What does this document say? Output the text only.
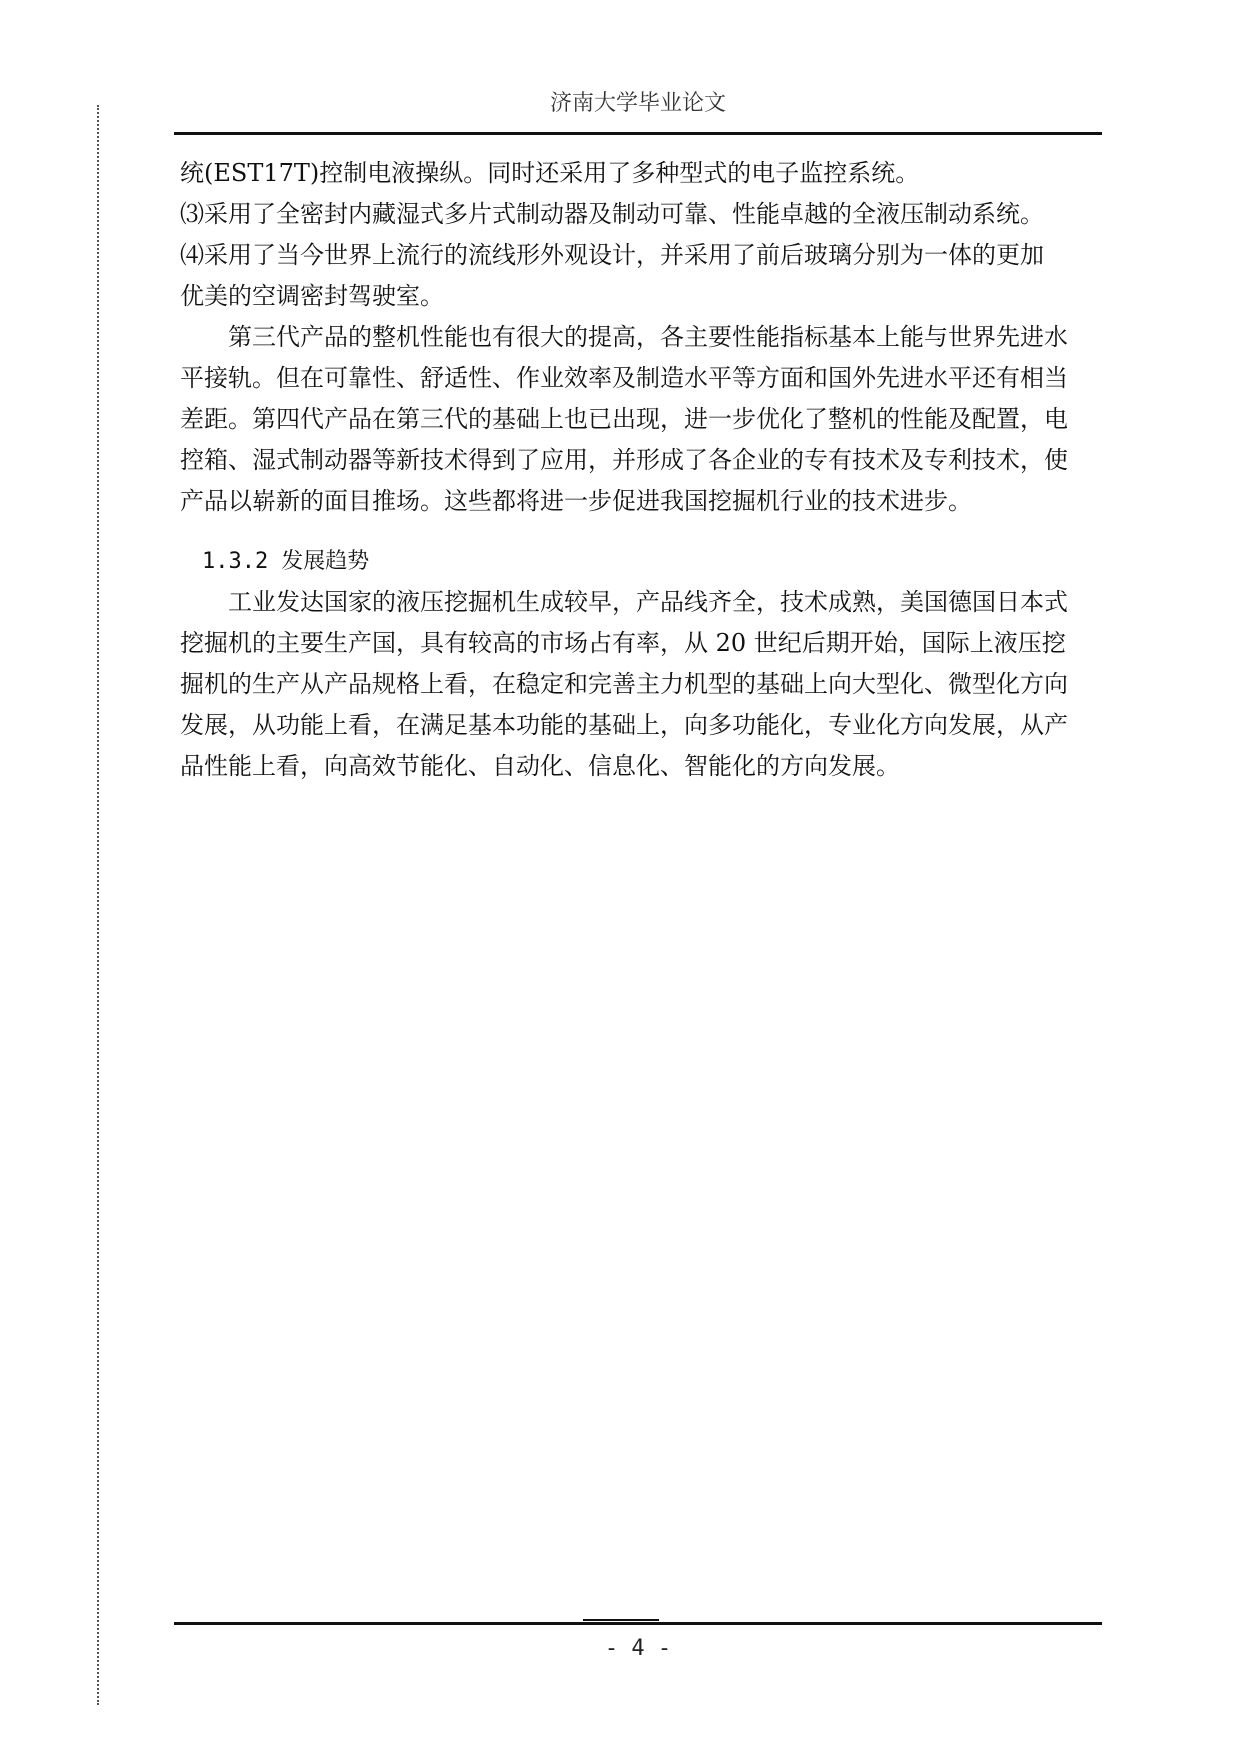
济南大学毕业论文
统(EST17T)控制电液操纵。同时还采用了多种型式的电子监控系统。
⑶采用了全密封内藏湿式多片式制动器及制动可靠、性能卓越的全液压制动系统。
⑷采用了当今世界上流行的流线形外观设计，并采用了前后玻璃分别为一体的更加
优美的空调密封驾驶室。
第三代产品的整机性能也有很大的提高，各主要性能指标基本上能与世界先进水
平接轨。但在可靠性、舒适性、作业效率及制造水平等方面和国外先进水平还有相当
差距。第四代产品在第三代的基础上也已出现，进一步优化了整机的性能及配置，电
控箱、湿式制动器等新技术得到了应用，并形成了各企业的专有技术及专利技术，使
产品以崭新的面目推场。这些都将进一步促进我国挖掘机行业的技术进步。
1.3.2 发展趋势
工业发达国家的液压挖掘机生成较早，产品线齐全，技术成熟，美国德国日本式
挖掘机的主要生产国，具有较高的市场占有率，从 20 世纪后期开始，国际上液压挖
掘机的生产从产品规格上看，在稳定和完善主力机型的基础上向大型化、微型化方向
发展，从功能上看，在满足基本功能的基础上，向多功能化，专业化方向发展，从产
品性能上看，向高效节能化、自动化、信息化、智能化的方向发展。
- 4 -
